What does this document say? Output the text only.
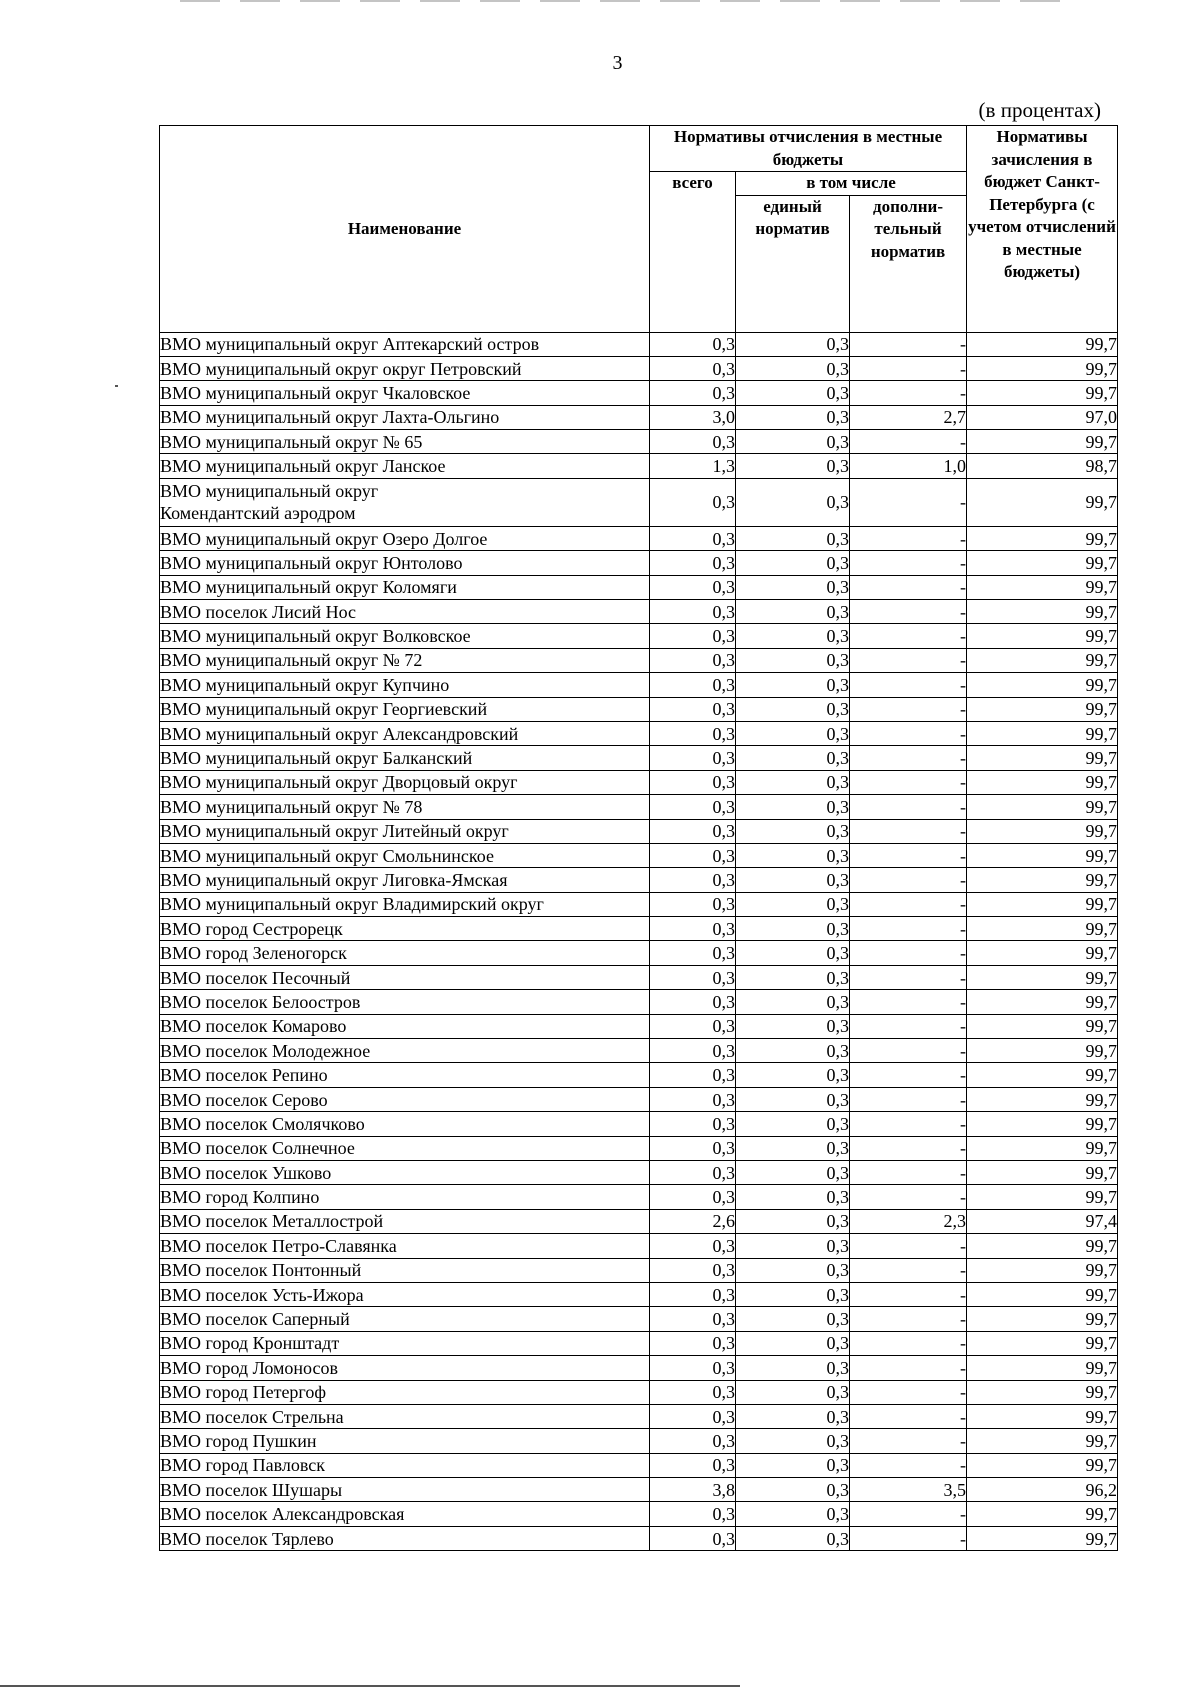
3
(в процентах)
Наименование	Нормативы отчисления в местные бюджеты			Нормативы зачисления в бюджет Санкт-Петербурга (с учетом отчислений в местные бюджеты)
	всего	в том числе		
		единый норматив	дополни-тельный норматив	
ВМО муниципальный округ Аптекарский остров	0,3	0,3	-	99,7
ВМО муниципальный округ округ Петровский	0,3	0,3	-	99,7
ВМО муниципальный округ Чкаловское	0,3	0,3	-	99,7
ВМО муниципальный округ Лахта-Ольгино	3,0	0,3	2,7	97,0
ВМО муниципальный округ № 65	0,3	0,3	-	99,7
ВМО муниципальный округ Ланское	1,3	0,3	1,0	98,7
ВМО муниципальный округ Комендантский аэродром	0,3	0,3	-	99,7
ВМО муниципальный округ Озеро Долгое	0,3	0,3	-	99,7
ВМО муниципальный округ Юнтолово	0,3	0,3	-	99,7
ВМО муниципальный округ Коломяги	0,3	0,3	-	99,7
ВМО поселок Лисий Нос	0,3	0,3	-	99,7
ВМО муниципальный округ Волковское	0,3	0,3	-	99,7
ВМО муниципальный округ № 72	0,3	0,3	-	99,7
ВМО муниципальный округ Купчино	0,3	0,3	-	99,7
ВМО муниципальный округ Георгиевский	0,3	0,3	-	99,7
ВМО муниципальный округ Александровский	0,3	0,3	-	99,7
ВМО муниципальный округ Балканский	0,3	0,3	-	99,7
ВМО муниципальный округ Дворцовый округ	0,3	0,3	-	99,7
ВМО муниципальный округ № 78	0,3	0,3	-	99,7
ВМО муниципальный округ Литейный округ	0,3	0,3	-	99,7
ВМО муниципальный округ Смольнинское	0,3	0,3	-	99,7
ВМО муниципальный округ Лиговка-Ямская	0,3	0,3	-	99,7
ВМО муниципальный округ Владимирский округ	0,3	0,3	-	99,7
ВМО город Сестрорецк	0,3	0,3	-	99,7
ВМО город Зеленогорск	0,3	0,3	-	99,7
ВМО поселок Песочный	0,3	0,3	-	99,7
ВМО поселок Белоостров	0,3	0,3	-	99,7
ВМО поселок Комарово	0,3	0,3	-	99,7
ВМО поселок Молодежное	0,3	0,3	-	99,7
ВМО поселок Репино	0,3	0,3	-	99,7
ВМО поселок Серово	0,3	0,3	-	99,7
ВМО поселок Смолячково	0,3	0,3	-	99,7
ВМО поселок Солнечное	0,3	0,3	-	99,7
ВМО поселок Ушково	0,3	0,3	-	99,7
ВМО город Колпино	0,3	0,3	-	99,7
ВМО поселок Металлострой	2,6	0,3	2,3	97,4
ВМО поселок Петро-Славянка	0,3	0,3	-	99,7
ВМО поселок Понтонный	0,3	0,3	-	99,7
ВМО поселок Усть-Ижора	0,3	0,3	-	99,7
ВМО поселок Саперный	0,3	0,3	-	99,7
ВМО город Кронштадт	0,3	0,3	-	99,7
ВМО город Ломоносов	0,3	0,3	-	99,7
ВМО город Петергоф	0,3	0,3	-	99,7
ВМО поселок Стрельна	0,3	0,3	-	99,7
ВМО город Пушкин	0,3	0,3	-	99,7
ВМО город Павловск	0,3	0,3	-	99,7
ВМО поселок Шушары	3,8	0,3	3,5	96,2
ВМО поселок Александровская	0,3	0,3	-	99,7
ВМО поселок Тярлево	0,3	0,3	-	99,7
